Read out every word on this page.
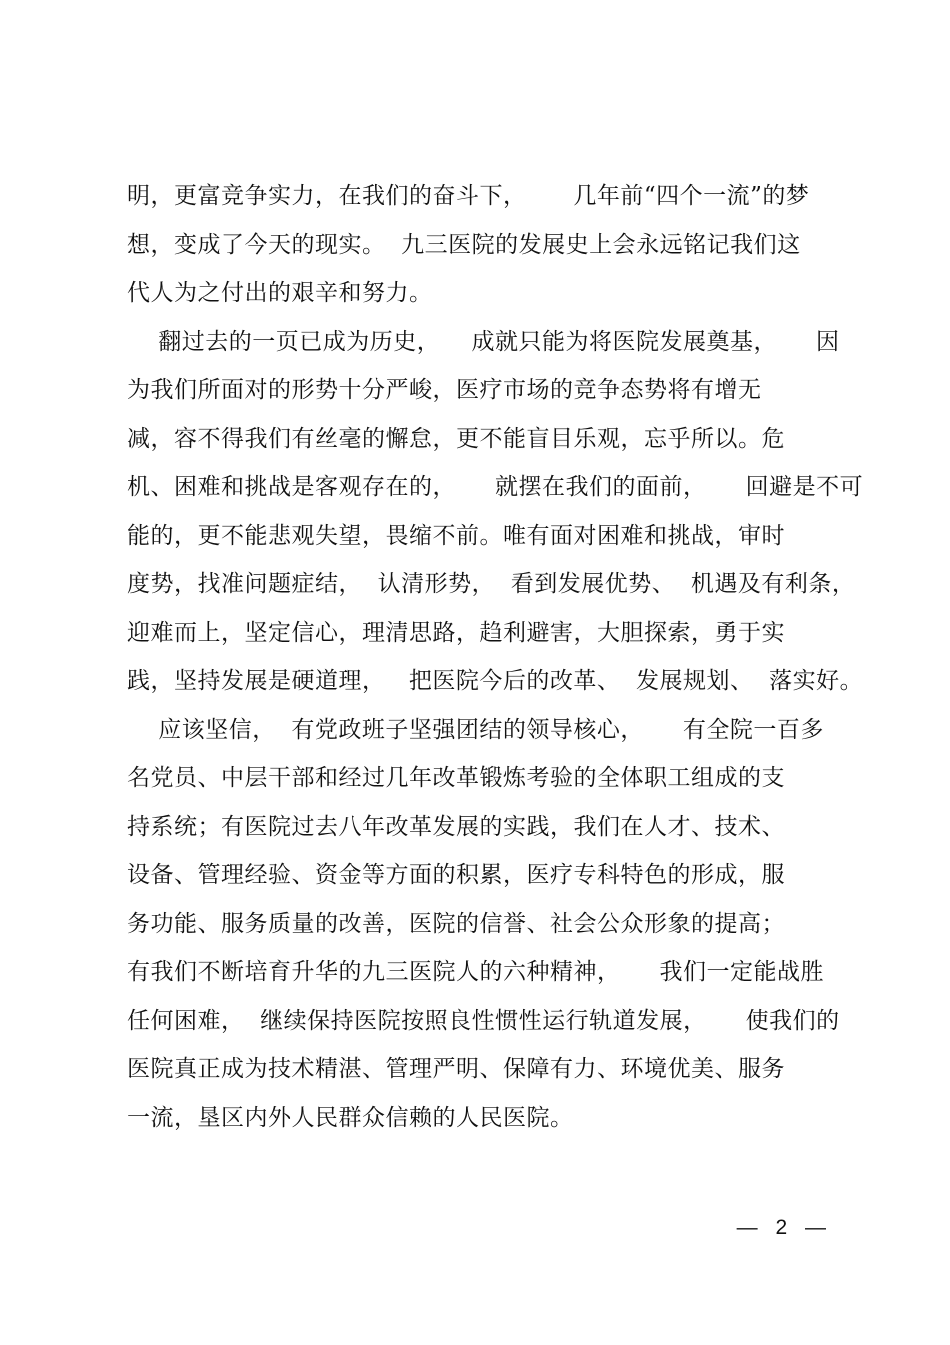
明，更富竞争实力，在我们的奋斗下，      几年前“四个一流”的梦
想，变成了今天的现实。  九三医院的发展史上会永远铭记我们这
代人为之付出的艰辛和努力。
翻过去的一页已成为历史，    成就只能为将医院发展奠基，     因
为我们所面对的形势十分严峻，医疗市场的竞争态势将有增无
减，容不得我们有丝毫的懈怠，更不能盲目乐观，忘乎所以。危
机、困难和挑战是客观存在的，     就摆在我们的面前，     回避是不可
能的，更不能悲观失望，畏缩不前。唯有面对困难和挑战，审时
度势，找准问题症结，  认清形势，  看到发展优势、  机遇及有利条，
迎难而上，坚定信心，理清思路，趋利避害，大胆探索，勇于实
践，坚持发展是硬道理，   把医院今后的改革、  发展规划、  落实好。
应该坚信，  有党政班子坚强团结的领导核心，     有全院一百多
名党员、中层干部和经过几年改革锻炼考验的全体职工组成的支
持系统；有医院过去八年改革发展的实践，我们在人才、技术、
设备、管理经验、资金等方面的积累，医疗专科特色的形成，服
务功能、服务质量的改善，医院的信誉、社会公众形象的提高；
有我们不断培育升华的九三医院人的六种精神，     我们一定能战胜
任何困难，  继续保持医院按照良性惯性运行轨道发展，     使我们的
医院真正成为技术精湛、管理严明、保障有力、环境优美、服务
一流，垦区内外人民群众信赖的人民医院。
— 2 —
